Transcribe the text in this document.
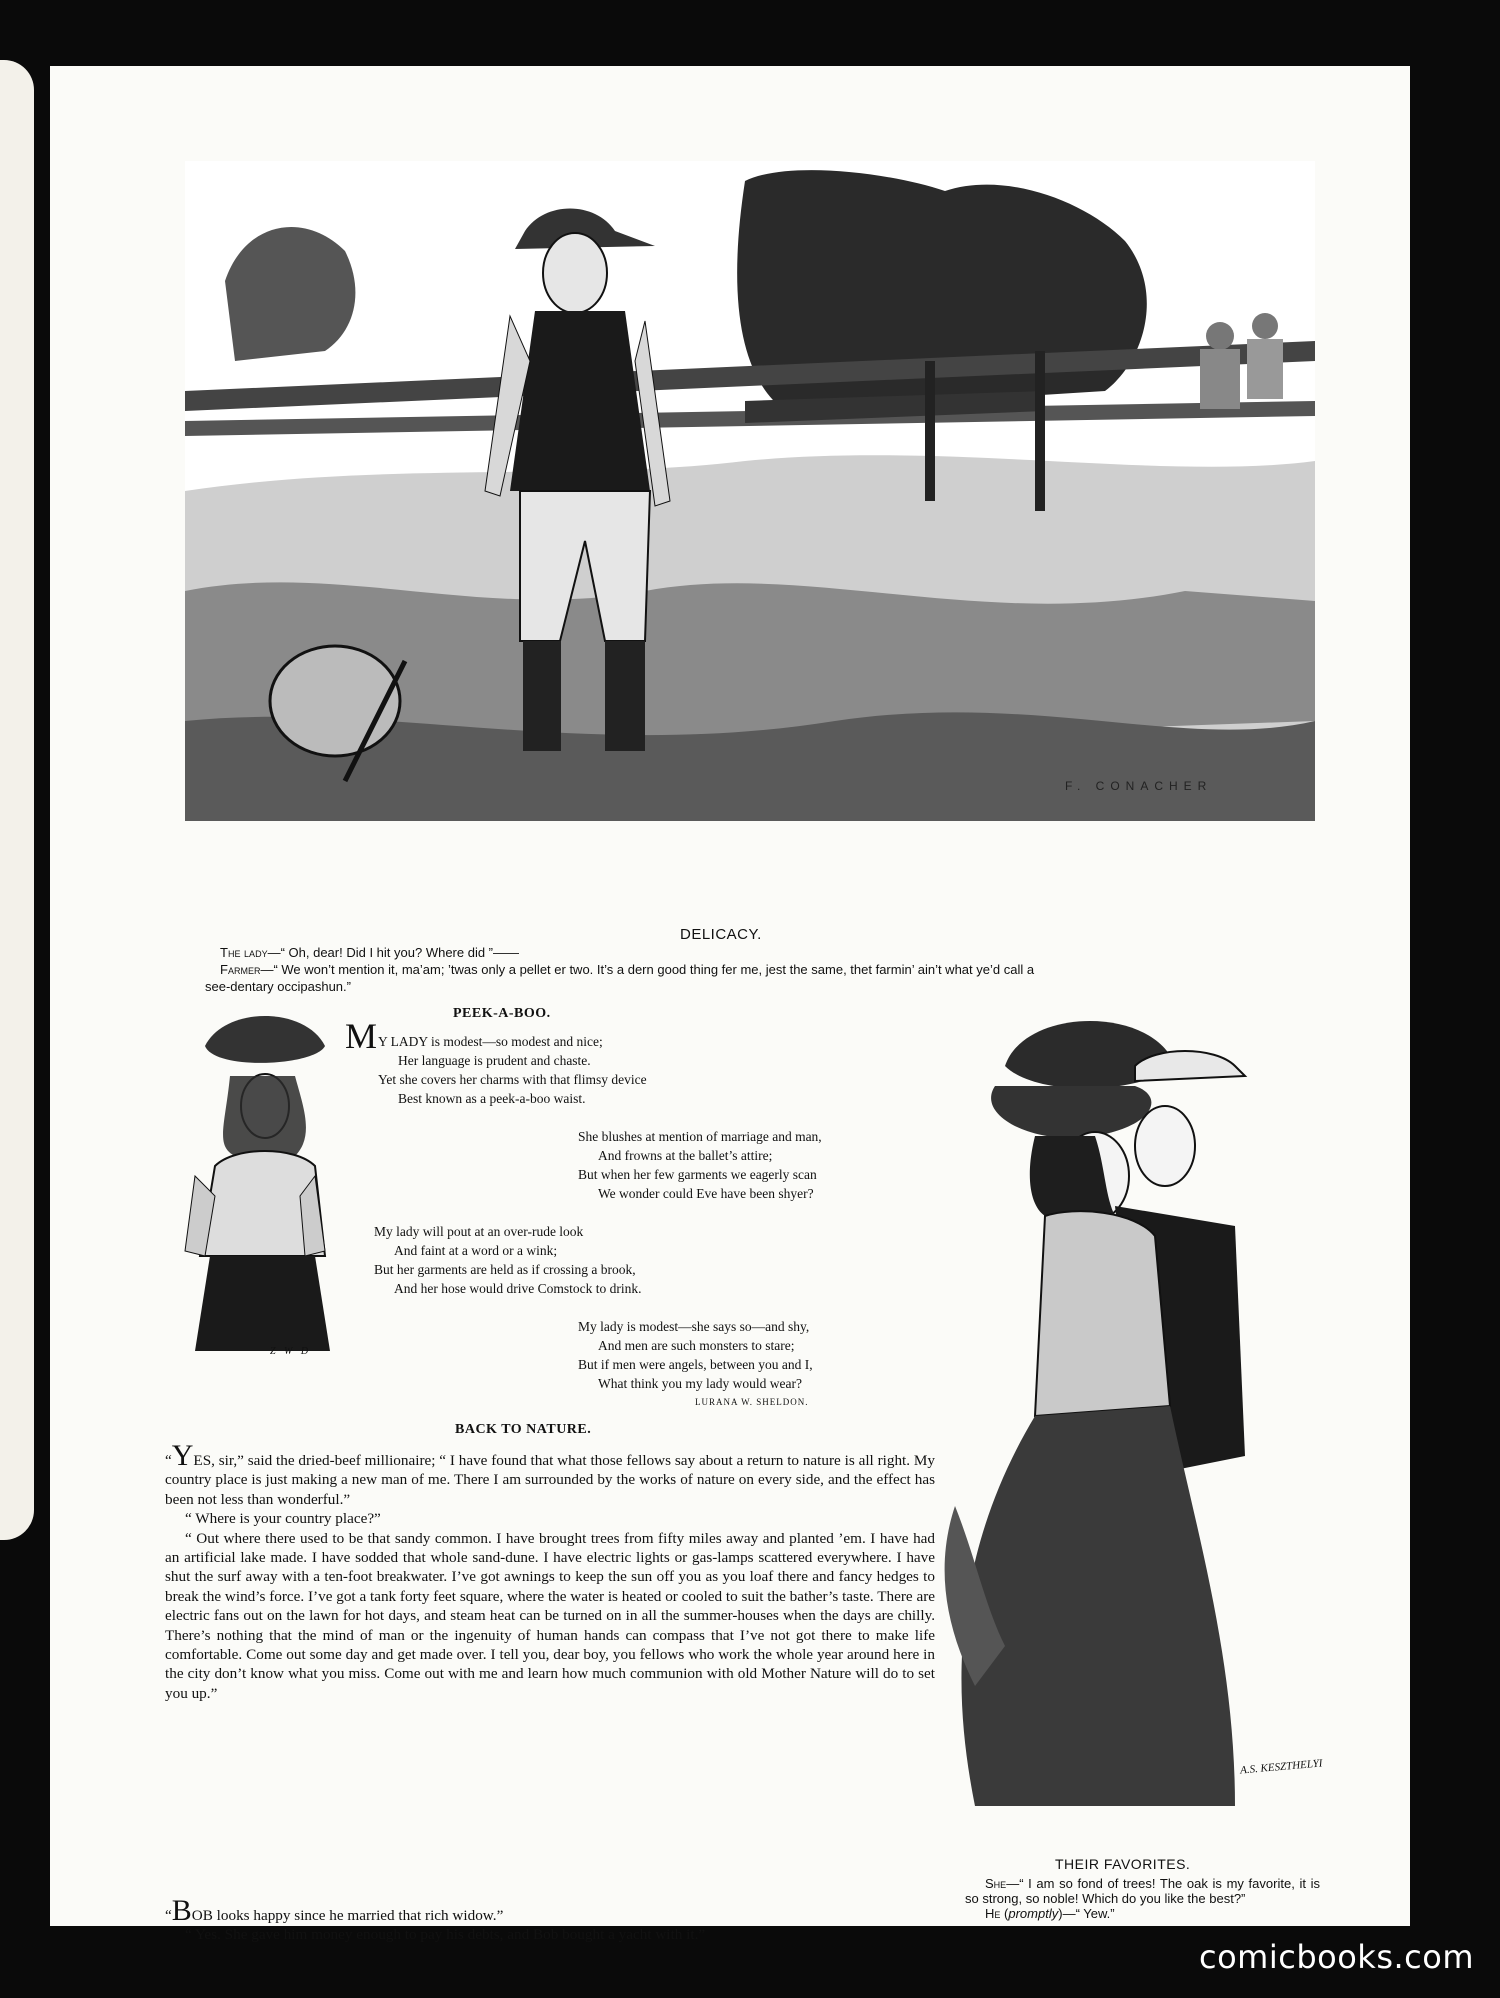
F. CONACHER
DELICACY.
The lady—“ Oh, dear! Did I hit you? Where did ”——
Farmer—“ We won’t mention it, ma’am; ’twas only a pellet er two. It’s a dern good thing fer me, jest the same, thet farmin’ ain’t what ye’d call a
see-dentary occipashun.”
PEEK-A-BOO.
Z W D
M Y LADY is modest—so modest and nice;
Her language is prudent and chaste.
Yet she covers her charms with that flimsy device
Best known as a peek-a-boo waist.
She blushes at mention of marriage and man,
And frowns at the ballet’s attire;
But when her few garments we eagerly scan
We wonder could Eve have been shyer?
My lady will pout at an over-rude look
And faint at a word or a wink;
But her garments are held as if crossing a brook,
And her hose would drive Comstock to drink.
My lady is modest—she says so—and shy,
And men are such monsters to stare;
But if men were angels, between you and I,
What think you my lady would wear?
LURANA W. SHELDON.
BACK TO NATURE.

“YES, sir,” said the dried-beef millionaire; “ I have found that what those fellows say about a return to nature is all right. My country place is just making a new man of me. There I am surrounded by the works of nature on every side, and the effect has been not less than wonderful.”

“ Where is your country place?”

“ Out where there used to be that sandy common. I have brought trees from fifty miles away and planted ’em. I have had an artificial lake made. I have sodded that whole sand-dune. I have electric lights or gas-lamps scattered everywhere. I have shut the surf away with a ten-foot breakwater. I’ve got awnings to keep the sun off you as you loaf there and fancy hedges to break the wind’s force. I’ve got a tank forty feet square, where the water is heated or cooled to suit the bather’s taste. There are electric fans out on the lawn for hot days, and steam heat can be turned on in all the summer-houses when the days are chilly. There’s nothing that the mind of man or the ingenuity of human hands can compass that I’ve not got there to make life comfortable. Come out some day and get made over. I tell you, dear boy, you fellows who work the whole year around here in the city don’t know what you miss. Come out with me and learn how much communion with old Mother Nature will do to set you up.”

“BOB looks happy since he married that rich widow.”

“ Yes. She gave him money enough to pay his debts, and Bob bought a yacht with it.”

A.S. KESZTHELYI
THEIR FAVORITES.
She—“ I am so fond of trees! The oak is my favorite, it is so strong, so noble! Which do you like the best?”
He (promptly)—“ Yew.”
comicbooks.com
